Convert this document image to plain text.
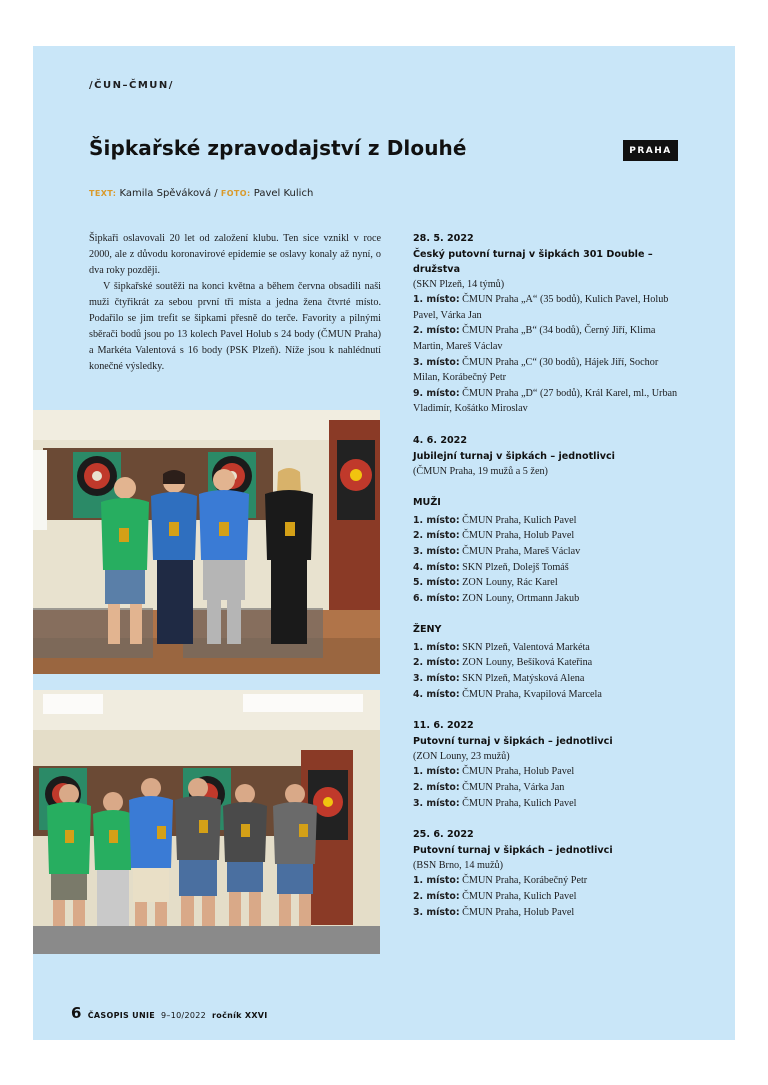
/ČUN–ČMUN/
Šipkařské zpravodajství z Dlouhé	PRAHA
TEXT: Kamila Spěváková / FOTO: Pavel Kulich

Šipkaři oslavovali 20 let od založení klubu. Ten sice vznikl v roce 2000, ale z důvodu koronavirové epidemie se oslavy konaly až nyní, o dva roky později.

V šipkařské soutěži na konci května a během června obsadili naši muži čtyřikrát za sebou první tři místa a jedna žena čtvrté místo. Podařilo se jim trefit se šipkami přesně do terče. Favority a pilnými sběrači bodů jsou po 13 kolech Pavel Holub s 24 body (ČMUN Praha) a Markéta Valentová s 16 body (PSK Plzeň). Níže jsou k nahlédnutí konečné výsledky.

28. 5. 2022
Český putovní turnaj v šipkách 301 Double – družstva
(SKN Plzeň, 14 týmů)
1. místo: ČMUN Praha „A“ (35 bodů), Kulich Pavel, Holub Pavel, Várka Jan
2. místo: ČMUN Praha „B“ (34 bodů), Černý Jiří, Klima Martin, Mareš Václav
3. místo: ČMUN Praha „C“ (30 bodů), Hájek Jiří, Sochor Milan, Korábečný Petr
9. místo: ČMUN Praha „D“ (27 bodů), Král Karel, ml., Urban Vladimír, Košátko Miroslav
4. 6. 2022
Jubilejní turnaj v šipkách – jednotlivci
(ČMUN Praha, 19 mužů a 5 žen)
MUŽI
1. místo: ČMUN Praha, Kulich Pavel
2. místo: ČMUN Praha, Holub Pavel
3. místo: ČMUN Praha, Mareš Václav
4. místo: SKN Plzeň, Dolejš Tomáš
5. místo: ZON Louny, Rác Karel
6. místo: ZON Louny, Ortmann Jakub
ŽENY
1. místo: SKN Plzeň, Valentová Markéta
2. místo: ZON Louny, Bešíková Kateřina
3. místo: SKN Plzeň, Matýsková Alena
4. místo: ČMUN Praha, Kvapilová Marcela
11. 6. 2022
Putovní turnaj v šipkách – jednotlivci
(ZON Louny, 23 mužů)
1. místo: ČMUN Praha, Holub Pavel
2. místo: ČMUN Praha, Várka Jan
3. místo: ČMUN Praha, Kulich Pavel
25. 6. 2022
Putovní turnaj v šipkách – jednotlivci
(BSN Brno, 14 mužů)
1. místo: ČMUN Praha, Korábečný Petr
2. místo: ČMUN Praha, Kulich Pavel
3. místo: ČMUN Praha, Holub Pavel
6 ČASOPIS UNIE 9–10/2022 ročník XXVI
